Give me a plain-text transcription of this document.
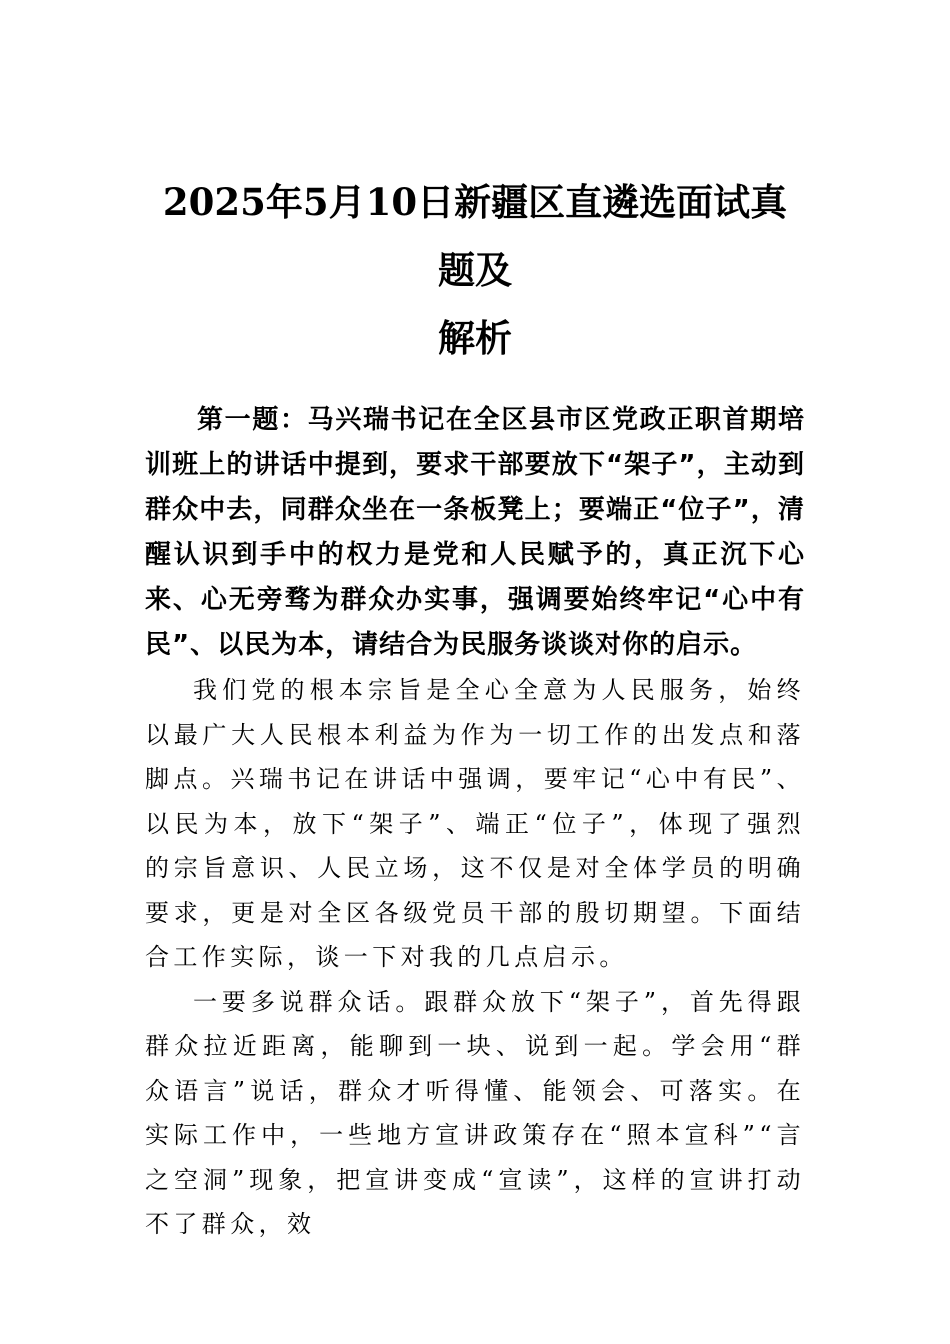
2025年5月10日新疆区直遴选面试真题及
解析

第一题：马兴瑞书记在全区县市区党政正职首期培训班上的讲话中提到，要求干部要放下“架子”，主动到群众中去，同群众坐在一条板凳上；要端正“位子”，清醒认识到手中的权力是党和人民赋予的，真正沉下心来、心无旁骛为群众办实事，强调要始终牢记“心中有民”、以民为本，请结合为民服务谈谈对你的启示。

我们党的根本宗旨是全心全意为人民服务，始终以最广大人民根本利益为作为一切工作的出发点和落脚点。兴瑞书记在讲话中强调，要牢记“心中有民”、以民为本，放下“架子”、端正“位子”，体现了强烈的宗旨意识、人民立场，这不仅是对全体学员的明确要求，更是对全区各级党员干部的殷切期望。下面结合工作实际，谈一下对我的几点启示。

一要多说群众话。跟群众放下“架子”，首先得跟群众拉近距离，能聊到一块、说到一起。学会用“群众语言”说话，群众才听得懂、能领会、可落实。在实际工作中，一些地方宣讲政策存在“照本宣科”“言之空洞”现象，把宣讲变成“宣读”，这样的宣讲打动不了群众，效
